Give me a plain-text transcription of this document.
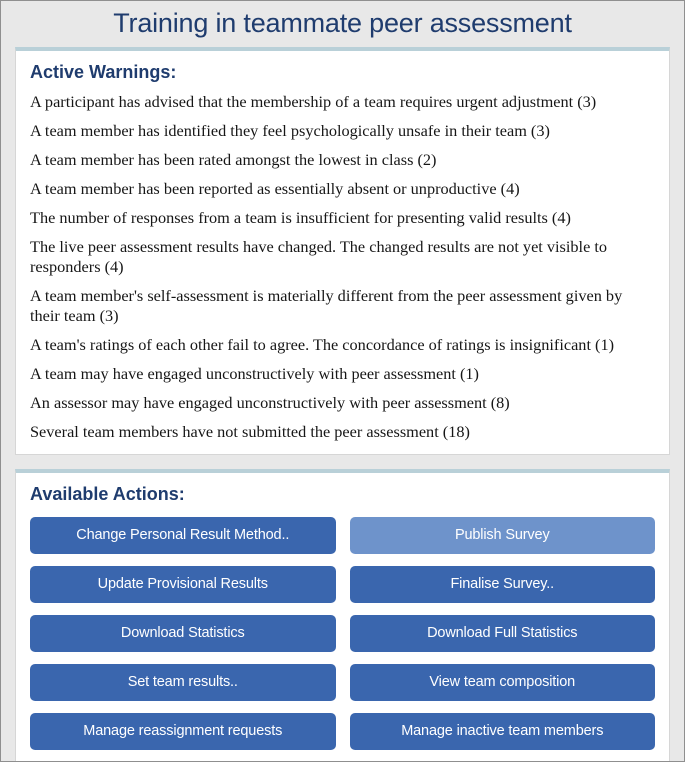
Training in teammate peer assessment
Active Warnings:
A participant has advised that the membership of a team requires urgent adjustment (3)
A team member has identified they feel psychologically unsafe in their team (3)
A team member has been rated amongst the lowest in class (2)
A team member has been reported as essentially absent or unproductive (4)
The number of responses from a team is insufficient for presenting valid results (4)
The live peer assessment results have changed. The changed results are not yet visible to responders (4)
A team member's self-assessment is materially different from the peer assessment given by their team (3)
A team's ratings of each other fail to agree. The concordance of ratings is insignificant (1)
A team may have engaged unconstructively with peer assessment (1)
An assessor may have engaged unconstructively with peer assessment (8)
Several team members have not submitted the peer assessment (18)
Available Actions:
Change Personal Result Method..	Publish Survey
Update Provisional Results	Finalise Survey..
Download Statistics	Download Full Statistics
Set team results..	View team composition
Manage reassignment requests	Manage inactive team members
